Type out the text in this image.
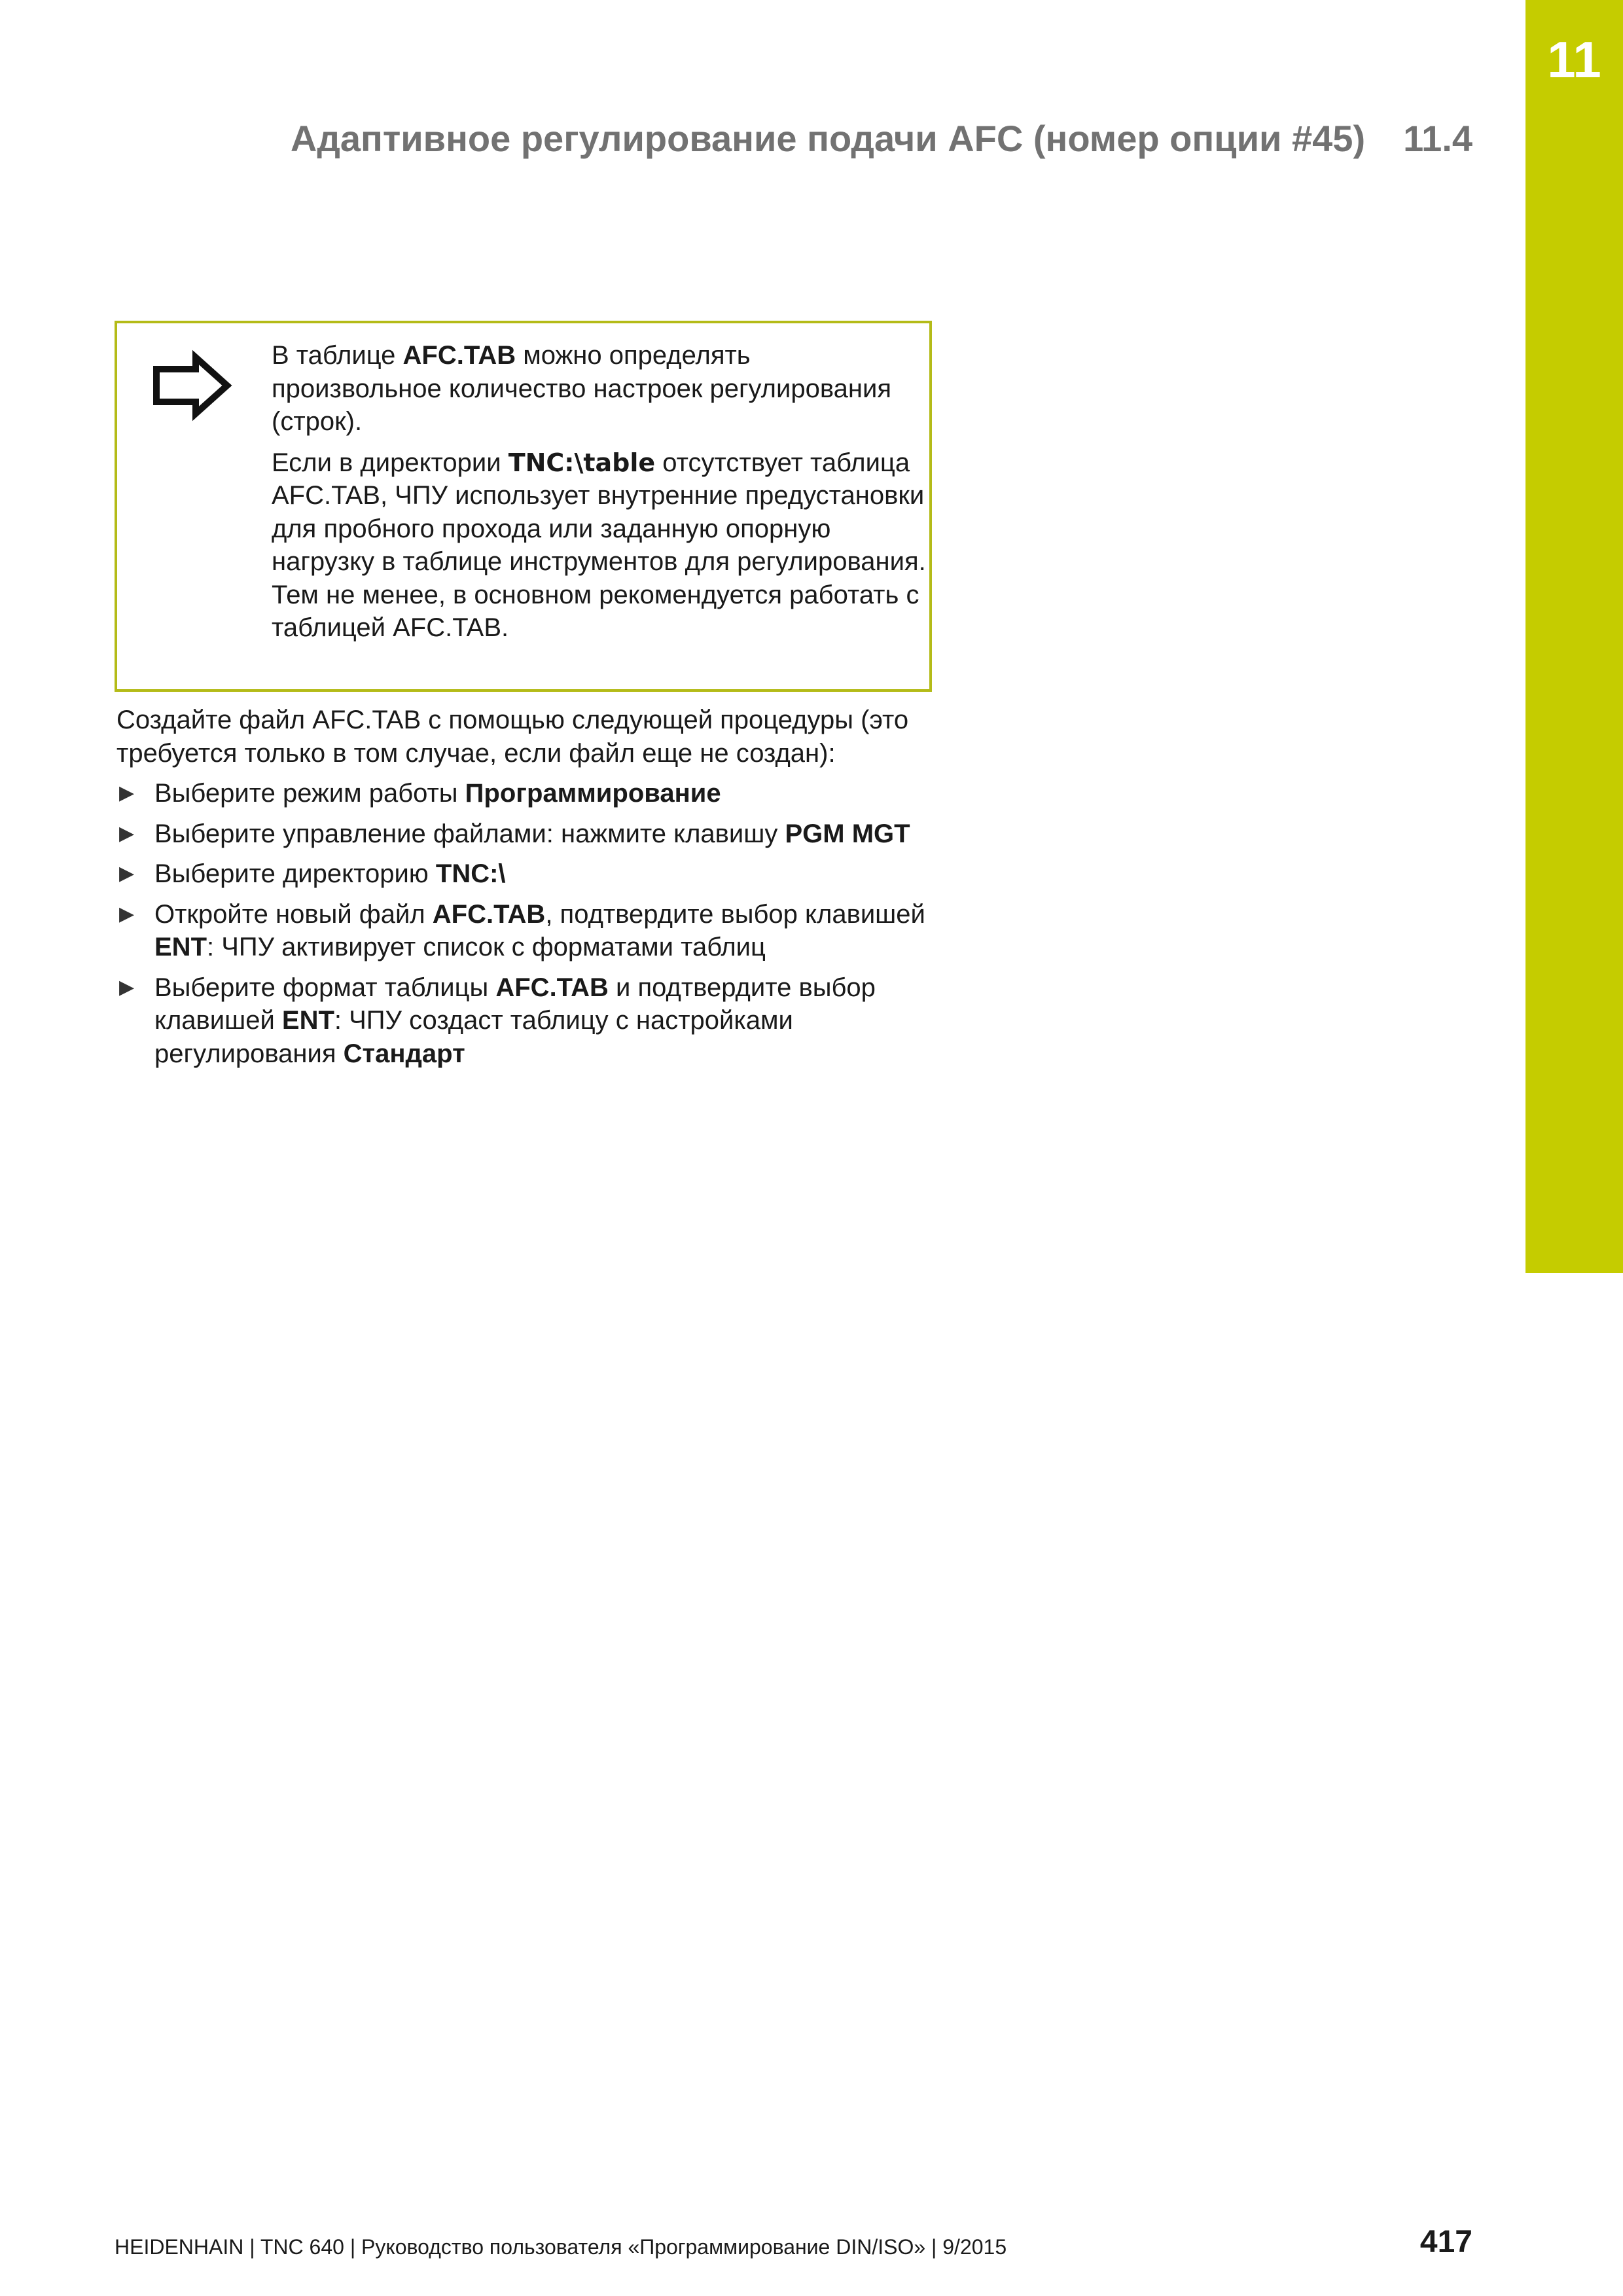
11
Адаптивное регулирование подачи AFC (номер опции #45) 11.4

В таблице AFC.TAB можно определять произвольное количество настроек регулирования (строк).

Если в директории TNC:\table отсутствует таблица AFC.TAB, ЧПУ использует внутренние предустановки для пробного прохода или заданную опорную нагрузку в таблице инструментов для регулирования. Тем не менее, в основном рекомендуется работать с таблицей AFC.TAB.

Создайте файл AFC.TAB с помощью следующей процедуры (это требуется только в том случае, если файл еще не создан):
▶ Выберите режим работы Программирование
▶ Выберите управление файлами: нажмите клавишу PGM MGT
▶ Выберите директорию TNC:\
▶ Откройте новый файл AFC.TAB, подтвердите выбор клавишей ENT: ЧПУ активирует список с форматами таблиц
▶ Выберите формат таблицы AFC.TAB и подтвердите выбор клавишей ENT: ЧПУ создаст таблицу с настройками регулирования Стандарт
HEIDENHAIN | TNC 640 | Руководство пользователя «Программирование DIN/ISO» | 9/2015	417
